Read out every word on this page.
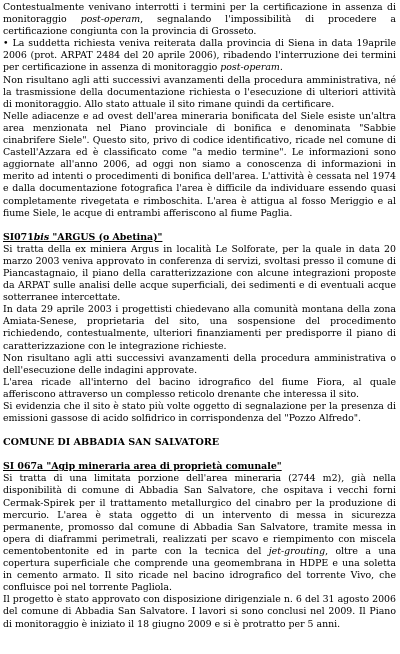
Contestualmente venivano interrotti i termini per la certificazione in assenza di monitoraggio post-operam, segnalando l'impossibilità di procedere a certificazione congiunta con la provincia di Grosseto.

• La suddetta richiesta veniva reiterata dalla provincia di Siena in data 19aprile 2006 (prot. ARPAT 2484 del 20 aprile 2006), ribadendo l'interruzione dei termini per certificazione in assenza di monitoraggio post-operam.

Non risultano agli atti successivi avanzamenti della procedura amministrativa, né la trasmissione della documentazione richiesta o l'esecuzione di ulteriori attività di monitoraggio. Allo stato attuale il sito rimane quindi da certificare.

Nelle adiacenze e ad ovest dell'area mineraria bonificata del Siele esiste un'altra area menzionata nel Piano provinciale di bonifica e denominata "Sabbie cinabrifere Siele". Questo sito, privo di codice identificativo, ricade nel comune di Castell'Azzara ed è classificato come "a medio termine". Le informazioni sono aggiornate all'anno 2006, ad oggi non siamo a conoscenza di informazioni in merito ad intenti o procedimenti di bonifica dell'area. L'attività è cessata nel 1974 e dalla documentazione fotografica l'area è difficile da individuare essendo quasi completamente rivegetata e rimboschita. L'area è attigua al fosso Meriggio e al fiume Siele, le acque di entrambi afferiscono al fiume Paglia.

SI071bis "ARGUS (o Abetina)"

Si tratta della ex miniera Argus in località Le Solforate, per la quale in data 20 marzo 2003 veniva approvato in conferenza di servizi, svoltasi presso il comune di Piancastagnaio, il piano della caratterizzazione con alcune integrazioni proposte da ARPAT sulle analisi delle acque superficiali, dei sedimenti e di eventuali acque sotterranee intercettate.

In data 29 aprile 2003 i progettisti chiedevano alla comunità montana della zona Amiata-Senese, proprietaria del sito, una sospensione del procedimento richiedendo, contestualmente, ulteriori finanziamenti per predisporre il piano di caratterizzazione con le integrazione richieste.

Non risultano agli atti successivi avanzamenti della procedura amministrativa o dell'esecuzione delle indagini approvate.

L'area ricade all'interno del bacino idrografico del fiume Fiora, al quale afferiscono attraverso un complesso reticolo drenante che interessa il sito.

Si evidenzia che il sito è stato più volte oggetto di segnalazione per la presenza di emissioni gassose di acido solfidrico in corrispondenza del "Pozzo Alfredo".

COMUNE DI ABBADIA SAN SALVATORE

SI 067a "Agip mineraria area di proprietà comunale"

Si tratta di una limitata porzione dell'area mineraria (2744 m2), già nella disponibilità di comune di Abbadia San Salvatore, che ospitava i vecchi forni Cermak-Spirek per il trattamento metallurgico del cinabro per la produzione di mercurio. L'area è stata oggetto di un intervento di messa in sicurezza permanente, promosso dal comune di Abbadia San Salvatore, tramite messa in opera di diaframmi perimetrali, realizzati per scavo e riempimento con miscela cementobentonite ed in parte con la tecnica del jet-grouting, oltre a una copertura superficiale che comprende una geomembrana in HDPE e una soletta in cemento armato. Il sito ricade nel bacino idrografico del torrente Vivo, che confluisce poi nel torrente Pagliola.

Il progetto è stato approvato con disposizione dirigenziale n. 6 del 31 agosto 2006 del comune di Abbadia San Salvatore. I lavori si sono conclusi nel 2009. Il Piano di monitoraggio è iniziato il 18 giugno 2009 e si è protratto per 5 anni.
